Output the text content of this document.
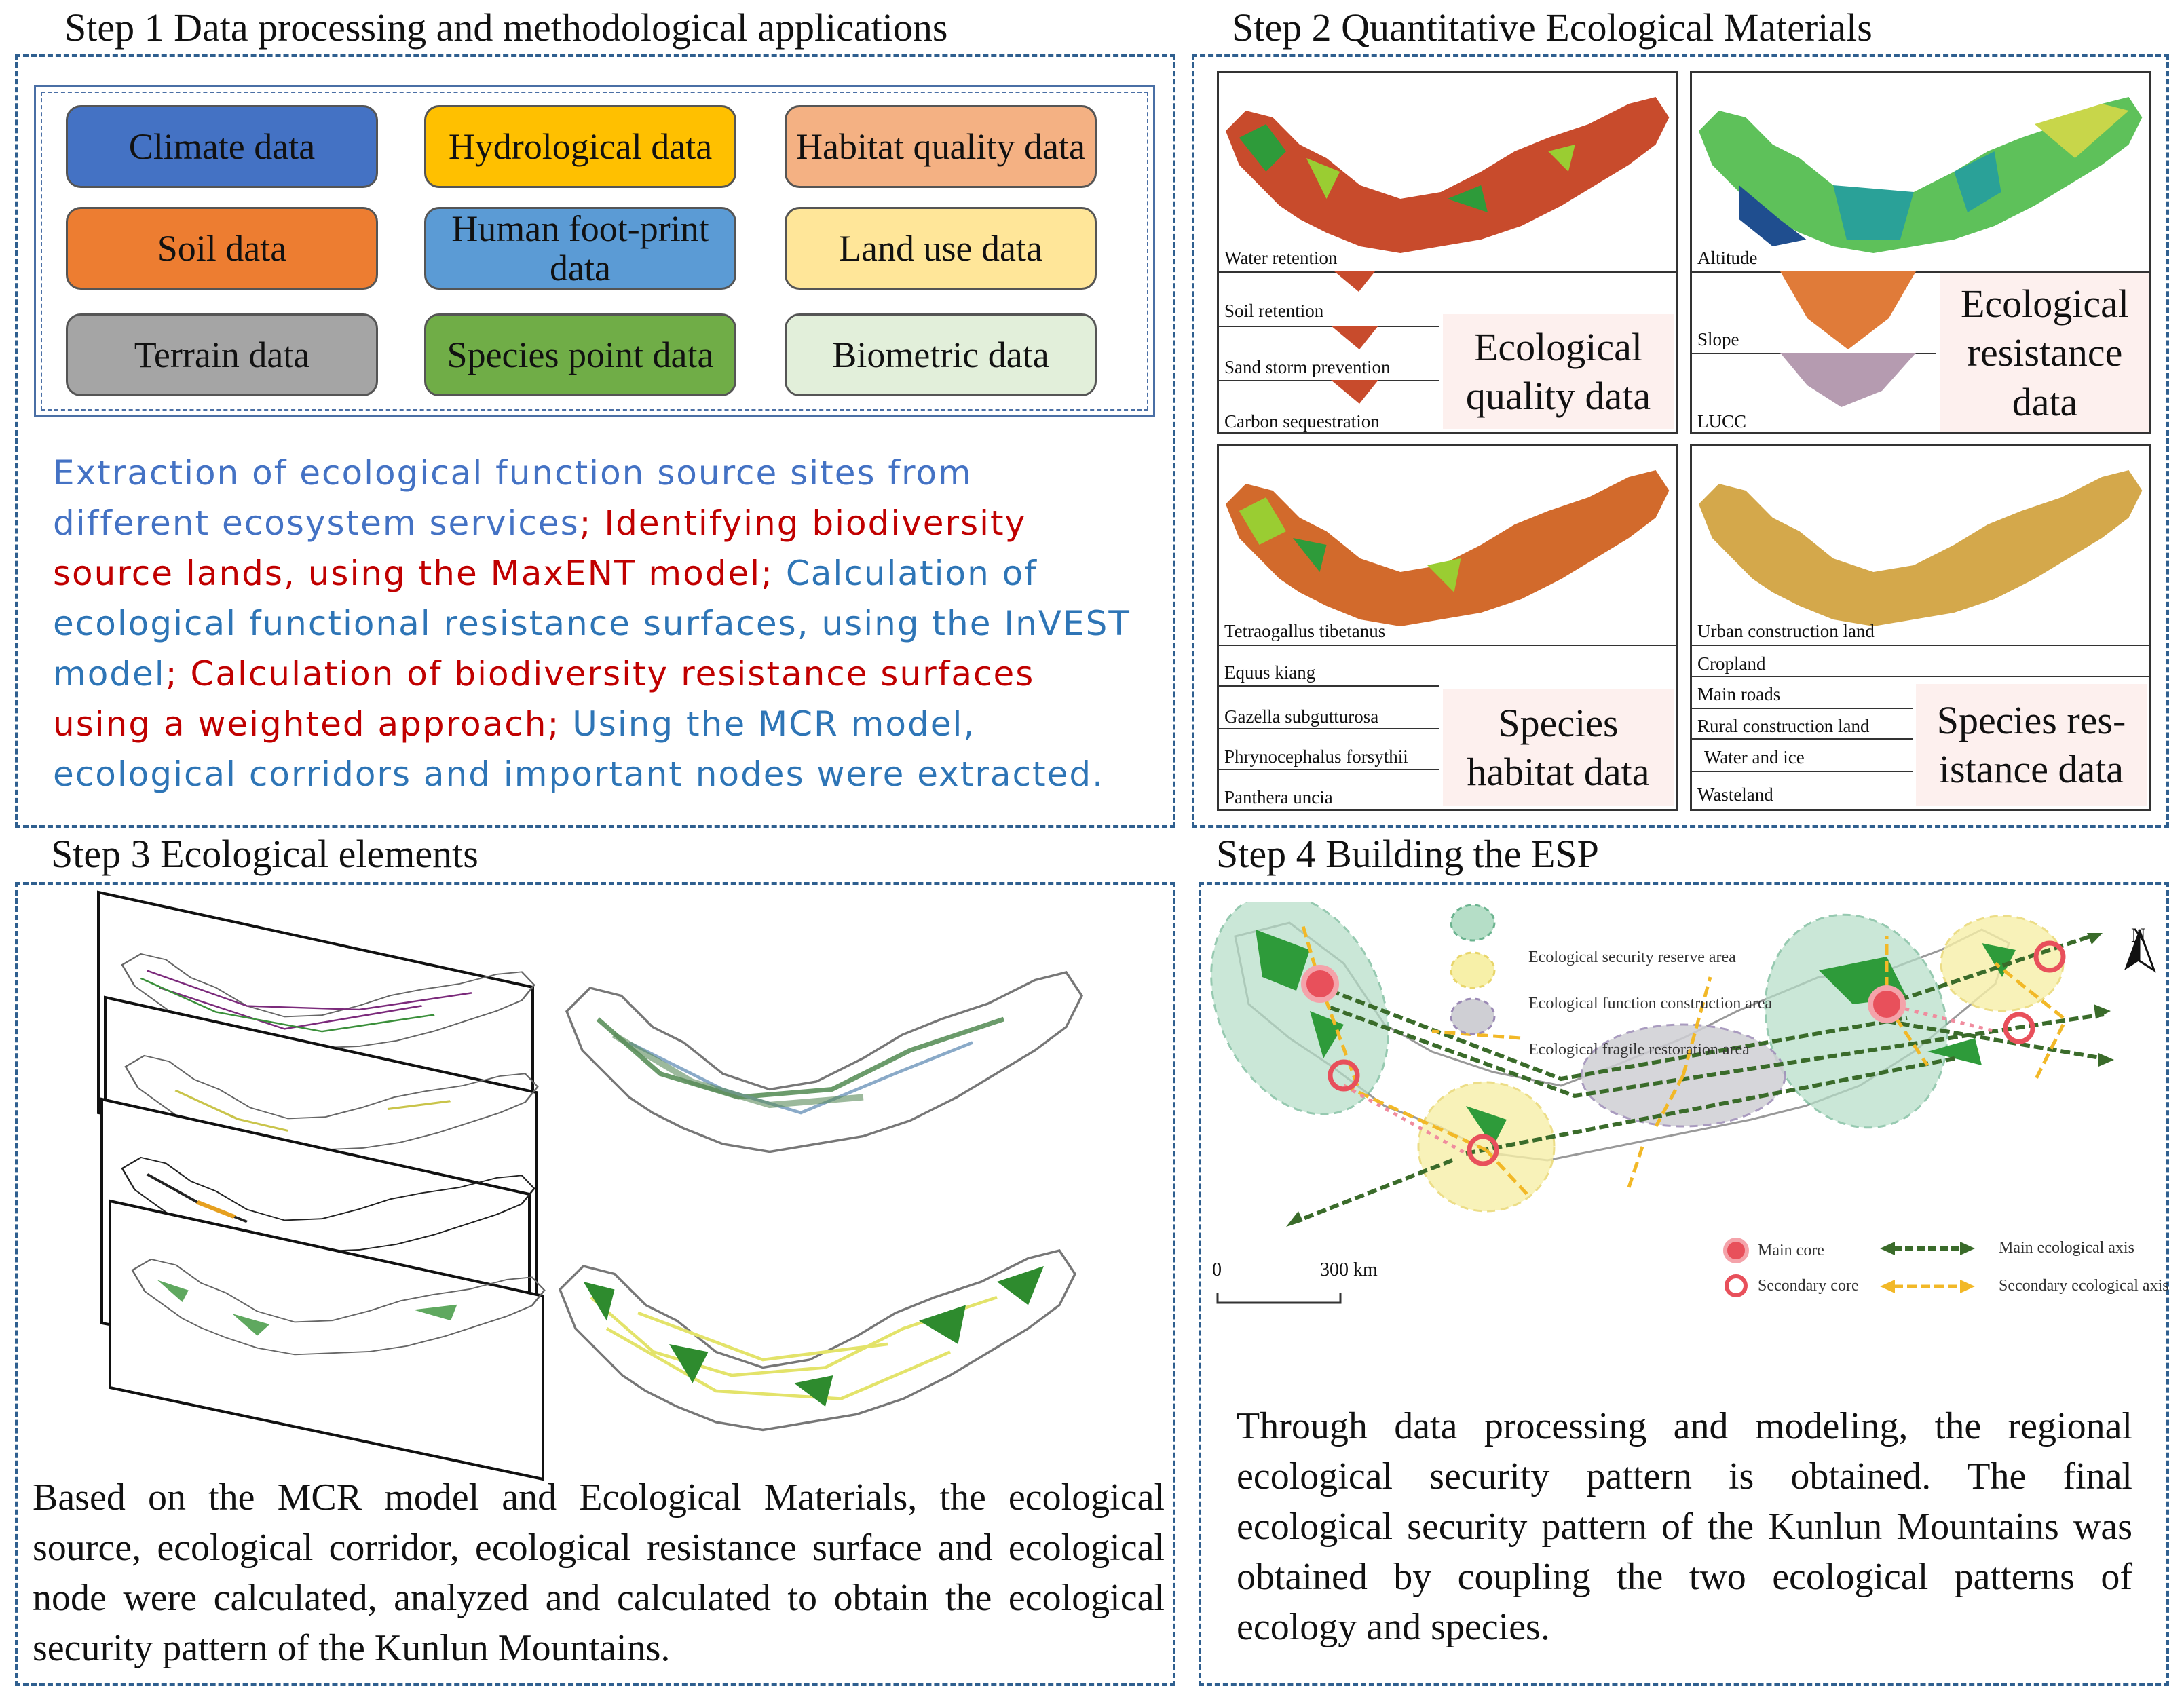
Step 1 Data processing and methodological applications
Climate data	Hydrological data	Habitat quality data
Soil data	Human foot-print data	Land use data
Terrain data	Species point data	Biometric data
Extraction of ecological function source sites from different ecosystem services; Identifying biodiversity source lands, using the MaxENT model; Calculation of ecological functional resistance surfaces, using the InVEST model; Calculation of biodiversity resistance surfaces using a weighted approach; Using the MCR model, ecological corridors and important nodes were extracted.
Step 2 Quantitative Ecological Materials
Water retention
Soil retention
Sand storm prevention
Carbon sequestration
Ecological quality data
Altitude
Slope
LUCC
Ecological resistance data
Tetraogallus tibetanus
Equus kiang
Gazella subgutturosa
Phrynocephalus forsythii
Panthera uncia
Species habitat data
Urban construction land
Cropland
Main roads
Rural construction land
Water and ice
Wasteland
Species res-istance data
Step 3 Ecological elements
Based on the MCR model and Ecological Materials, the ecological source, ecological corridor, ecological resistance surface and ecological node were calculated, analyzed and calculated to obtain the ecological security pattern of the Kunlun Mountains.
Step 4 Building the ESP
Ecological security reserve area
Ecological function construction area
Ecological fragile restoration area
Main core
Secondary core
Main ecological axis
Secondary ecological axis
N
0	300 km
Through data processing and modeling, the regional ecological security pattern is obtained. The final ecological security pattern of the Kunlun Mountains was obtained by coupling the two ecological patterns of ecology and species.
